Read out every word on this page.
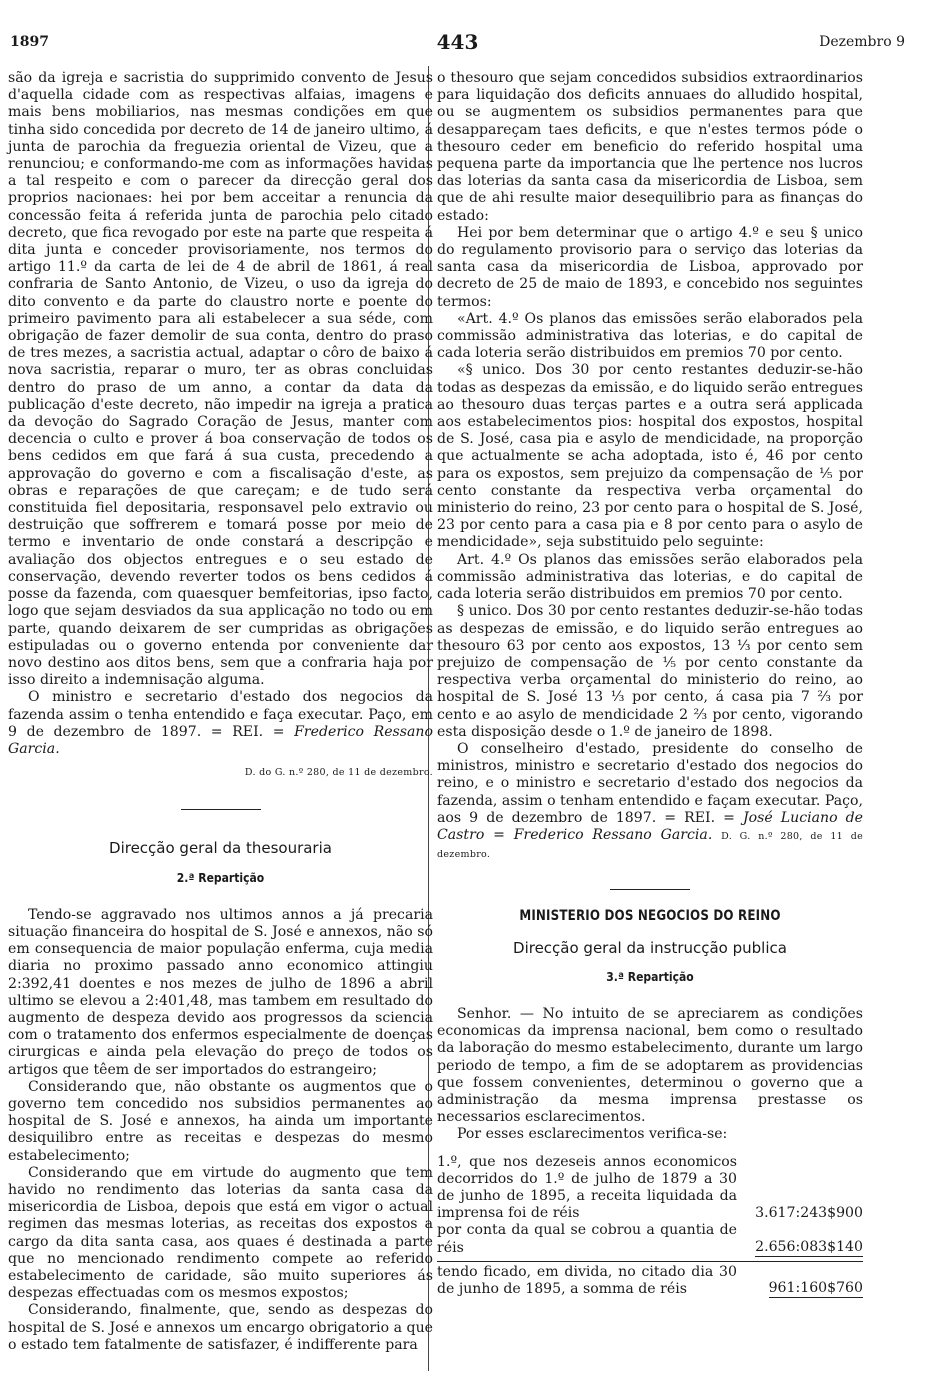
1897	443	Dezembro 9

são da igreja e sacristia do supprimido convento de Jesus d'aquella cidade com as respectivas alfaias, imagens e mais bens mobiliarios, nas mesmas condições em que tinha sido concedida por decreto de 14 de janeiro ultimo, á junta de parochia da freguezia oriental de Vizeu, que a renunciou; e conformando-me com as informações havidas a tal respeito e com o parecer da direcção geral dos proprios nacionaes: hei por bem acceitar a renuncia da concessão feita á referida junta de parochia pelo citado decreto, que fica revogado por este na parte que respeita á dita junta e conceder provisoriamente, nos termos do artigo 11.º da carta de lei de 4 de abril de 1861, á real confraria de Santo Antonio, de Vizeu, o uso da igreja do dito convento e da parte do claustro norte e poente do primeiro pavimento para ali estabelecer a sua séde, com obrigação de fazer demolir de sua conta, dentro do praso de tres mezes, a sacristia actual, adaptar o côro de baixo á nova sacristia, reparar o muro, ter as obras concluidas dentro do praso de um anno, a contar da data da publicação d'este decreto, não impedir na igreja a pratica da devoção do Sagrado Coração de Jesus, manter com decencia o culto e prover á boa conservação de todos os bens cedidos em que fará á sua custa, precedendo a approvação do governo e com a fiscalisação d'este, as obras e reparações de que careçam; e de tudo será constituida fiel depositaria, responsavel pelo extravio ou destruição que soffrerem e tomará posse por meio de termo e inventario de onde constará a descripção e avaliação dos objectos entregues e o seu estado de conservação, devendo reverter todos os bens cedidos á posse da fazenda, com quaesquer bemfeitorias, ipso facto, logo que sejam desviados da sua applicação no todo ou em parte, quando deixarem de ser cumpridas as obrigações estipuladas ou o governo entenda por conveniente dar novo destino aos ditos bens, sem que a confraria haja por isso direito a indemnisação alguma.

O ministro e secretario d'estado dos negocios da fazenda assim o tenha entendido e faça executar. Paço, em 9 de dezembro de 1897. = REI. = Frederico Ressano Garcia.

D. do G. n.º 280, de 11 de dezembro.

Direcção geral da thesouraria
2.ª Repartição

Tendo-se aggravado nos ultimos annos a já precaria situação financeira do hospital de S. José e annexos, não só em consequencia de maior população enferma, cuja media diaria no proximo passado anno economico attingiu 2:392,41 doentes e nos mezes de julho de 1896 a abril ultimo se elevou a 2:401,48, mas tambem em resultado do augmento de despeza devido aos progressos da sciencia com o tratamento dos enfermos especialmente de doenças cirurgicas e ainda pela elevação do preço de todos os artigos que têem de ser importados do estrangeiro;

Considerando que, não obstante os augmentos que o governo tem concedido nos subsidios permanentes ao hospital de S. José e annexos, ha ainda um importante desiquilibro entre as receitas e despezas do mesmo estabelecimento;

Considerando que em virtude do augmento que tem havido no rendimento das loterias da santa casa da misericordia de Lisboa, depois que está em vigor o actual regimen das mesmas loterias, as receitas dos expostos a cargo da dita santa casa, aos quaes é destinada a parte que no mencionado rendimento compete ao referido estabelecimento de caridade, são muito superiores ás despezas effectuadas com os mesmos expostos;

Considerando, finalmente, que, sendo as despezas do hospital de S. José e annexos um encargo obrigatorio a que o estado tem fatalmente de satisfazer, é indifferente para

o thesouro que sejam concedidos subsidios extraordinarios para liquidação dos deficits annuaes do alludido hospital, ou se augmentem os subsidios permanentes para que desappareçam taes deficits, e que n'estes termos póde o thesouro ceder em beneficio do referido hospital uma pequena parte da importancia que lhe pertence nos lucros das loterias da santa casa da misericordia de Lisboa, sem que de ahi resulte maior desequilibrio para as finanças do estado:

Hei por bem determinar que o artigo 4.º e seu § unico do regulamento provisorio para o serviço das loterias da santa casa da misericordia de Lisboa, approvado por decreto de 25 de maio de 1893, e concebido nos seguintes termos:

«Art. 4.º Os planos das emissões serão elaborados pela commissão administrativa das loterias, e do capital de cada loteria serão distribuidos em premios 70 por cento.

«§ unico. Dos 30 por cento restantes deduzir-se-hão todas as despezas da emissão, e do liquido serão entregues ao thesouro duas terças partes e a outra será applicada aos estabelecimentos pios: hospital dos expostos, hospital de S. José, casa pia e asylo de mendicidade, na proporção que actualmente se acha adoptada, isto é, 46 por cento para os expostos, sem prejuizo da compensação de ⅕ por cento constante da respectiva verba orçamental do ministerio do reino, 23 por cento para o hospital de S. José, 23 por cento para a casa pia e 8 por cento para o asylo de mendicidade», seja substituido pelo seguinte:

Art. 4.º Os planos das emissões serão elaborados pela commissão administrativa das loterias, e do capital de cada loteria serão distribuidos em premios 70 por cento.

§ unico. Dos 30 por cento restantes deduzir-se-hão todas as despezas de emissão, e do liquido serão entregues ao thesouro 63 por cento aos expostos, 13 ⅓ por cento sem prejuizo de compensação de ⅕ por cento constante da respectiva verba orçamental do ministerio do reino, ao hospital de S. José 13 ⅓ por cento, á casa pia 7 ⅔ por cento e ao asylo de mendicidade 2 ⅔ por cento, vigorando esta disposição desde o 1.º de janeiro de 1898.

O conselheiro d'estado, presidente do conselho de ministros, ministro e secretario d'estado dos negocios do reino, e o ministro e secretario d'estado dos negocios da fazenda, assim o tenham entendido e façam executar. Paço, aos 9 de dezembro de 1897. = REI. = José Luciano de Castro = Frederico Ressano Garcia. D. G. n.º 280, de 11 de dezembro.

MINISTERIO DOS NEGOCIOS DO REINO
Direcção geral da instrucção publica
3.ª Repartição

Senhor. — No intuito de se apreciarem as condições economicas da imprensa nacional, bem como o resultado da laboração do mesmo estabelecimento, durante um largo periodo de tempo, a fim de se adoptarem as providencias que fossem convenientes, determinou o governo que a administração da mesma imprensa prestasse os necessarios esclarecimentos.

Por esses esclarecimentos verifica-se:

1.º, que nos dezeseis annos economicos decorridos do 1.º de julho de 1879 a 30 de junho de 1895, a receita liquidada da imprensa foi de réis	3.617:243$900
por conta da qual se cobrou a quantia de réis	2.656:083$140
tendo ficado, em divida, no citado dia 30 de junho de 1895, a somma de réis	961:160$760
